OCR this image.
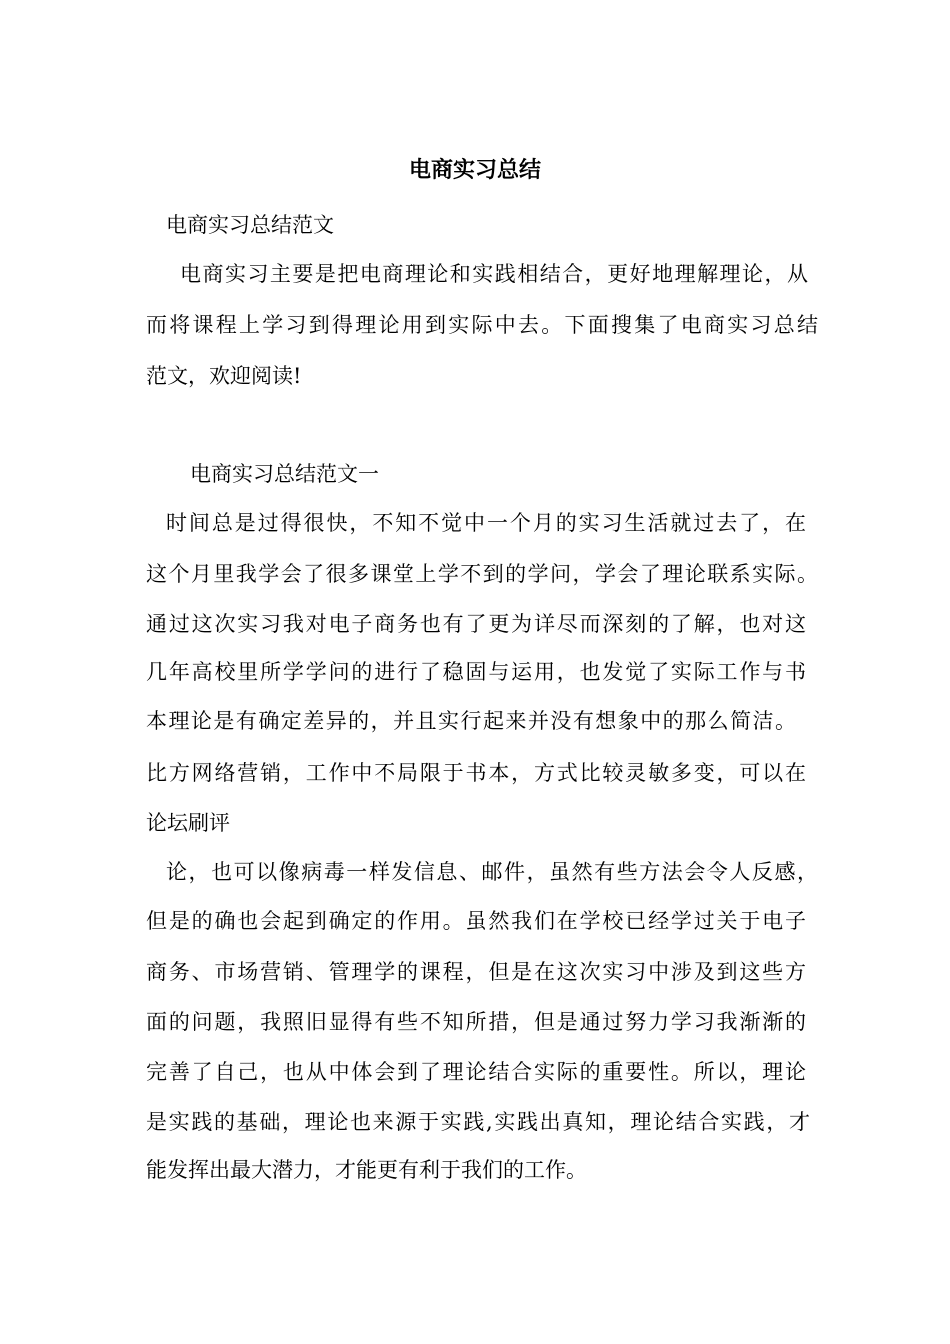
电商实习总结

电商实习总结范文

电商实习主要是把电商理论和实践相结合，更好地理解理论，从

而将课程上学习到得理论用到实际中去。下面搜集了电商实习总结

范文，欢迎阅读!

电商实习总结范文一

时间总是过得很快，不知不觉中一个月的实习生活就过去了，在

这个月里我学会了很多课堂上学不到的学问，学会了理论联系实际。

通过这次实习我对电子商务也有了更为详尽而深刻的了解，也对这

几年高校里所学学问的进行了稳固与运用，也发觉了实际工作与书

本理论是有确定差异的，并且实行起来并没有想象中的那么简洁。

比方网络营销，工作中不局限于书本，方式比较灵敏多变，可以在

论坛刷评

论，也可以像病毒一样发信息、邮件，虽然有些方法会令人反感，

但是的确也会起到确定的作用。虽然我们在学校已经学过关于电子

商务、市场营销、管理学的课程，但是在这次实习中涉及到这些方

面的问题，我照旧显得有些不知所措，但是通过努力学习我渐渐的

完善了自己，也从中体会到了理论结合实际的重要性。所以，理论

是实践的基础，理论也来源于实践,实践出真知，理论结合实践，才

能发挥出最大潜力，才能更有利于我们的工作。
